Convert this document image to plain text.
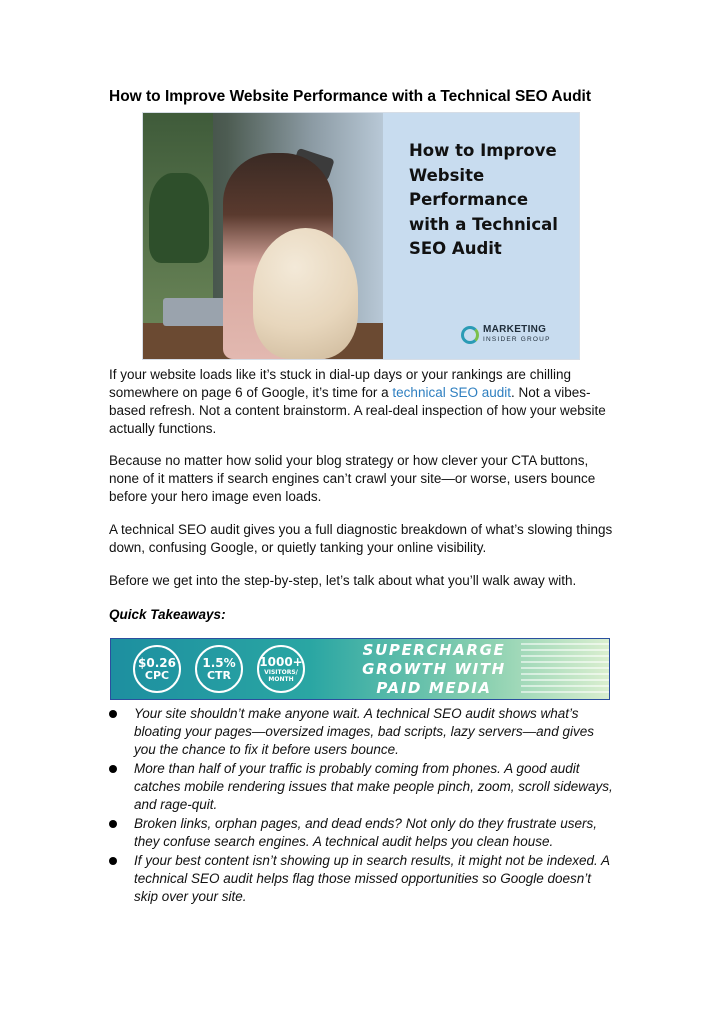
How to Improve Website Performance with a Technical SEO Audit
How to Improve
Website
Performance
with a Technical
SEO Audit
MARKETING
INSIDER GROUP

If your website loads like it’s stuck in dial-up days or your rankings are chilling somewhere on page 6 of Google, it’s time for a technical SEO audit. Not a vibes-based refresh. Not a content brainstorm. A real-deal inspection of how your website actually functions.

Because no matter how solid your blog strategy or how clever your CTA buttons, none of it matters if search engines can’t crawl your site—or worse, users bounce before your hero image even loads.

A technical SEO audit gives you a full diagnostic breakdown of what’s slowing things down, confusing Google, or quietly tanking your online visibility.

Before we get into the step-by-step, let’s talk about what you’ll walk away with.

Quick Takeaways:

$0.26
CPC
1.5%
CTR
1000+
VISITORS/ MONTH
SUPERCHARGE GROWTH WITH PAID MEDIA
Your site shouldn’t make anyone wait. A technical SEO audit shows what’s bloating your pages—oversized images, bad scripts, lazy servers—and gives you the chance to fix it before users bounce.
More than half of your traffic is probably coming from phones. A good audit catches mobile rendering issues that make people pinch, zoom, scroll sideways, and rage-quit.
Broken links, orphan pages, and dead ends? Not only do they frustrate users, they confuse search engines. A technical audit helps you clean house.
If your best content isn’t showing up in search results, it might not be indexed. A technical SEO audit helps flag those missed opportunities so Google doesn’t skip over your site.
